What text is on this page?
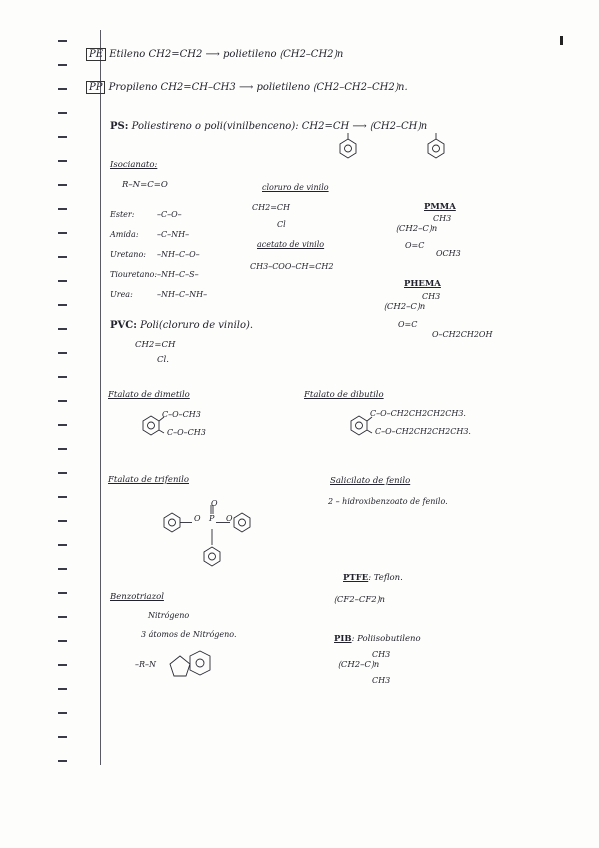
PE Etileno CH2=CH2 ⟶ polietileno ⟮CH2–CH2⟯n
PP Propileno CH2=CH–CH3 ⟶ polietileno ⟮CH2–CH2–CH2⟯n.
PS: Poliestireno o poli(vinilbenceno): CH2=CH ⟶ ⟮CH2–CH⟯n
Isocianato:
R–N=C=O
Ester:	–C–O–
Amida: –C–NH–
Uretano: –NH–C–O–
Tiouretano: –NH–C–S–
Urea:	–NH–C–NH–
cloruro de vinilo
CH2=CH
Cl
acetato de vinilo
CH3–COO–CH=CH2
PMMA
CH3
⟮CH2–C⟯n
O=C
OCH3
PHEMA
CH3
⟮CH2–C⟯n
O=C
O–CH2CH2OH
PVC: Poli(cloruro de vinilo).
CH2=CH
Cl.
Ftalato de dimetilo
C–O–CH3
C–O–CH3
Ftalato de dibutilo
C–O–CH2CH2CH2CH3.
C–O–CH2CH2CH2CH3.
Ftalato de trifenilo
O
P
O	O
Salicilato de fenilo
2 – hidroxibenzoato de fenilo.
Benzotriazol
Nitrógeno
3 átomos de Nitrógeno.
–R–N
PTFE: Teflon.
⟮CF2–CF2⟯n
PIB: Poliisobutileno
CH3
⟮CH2–C⟯n
CH3
